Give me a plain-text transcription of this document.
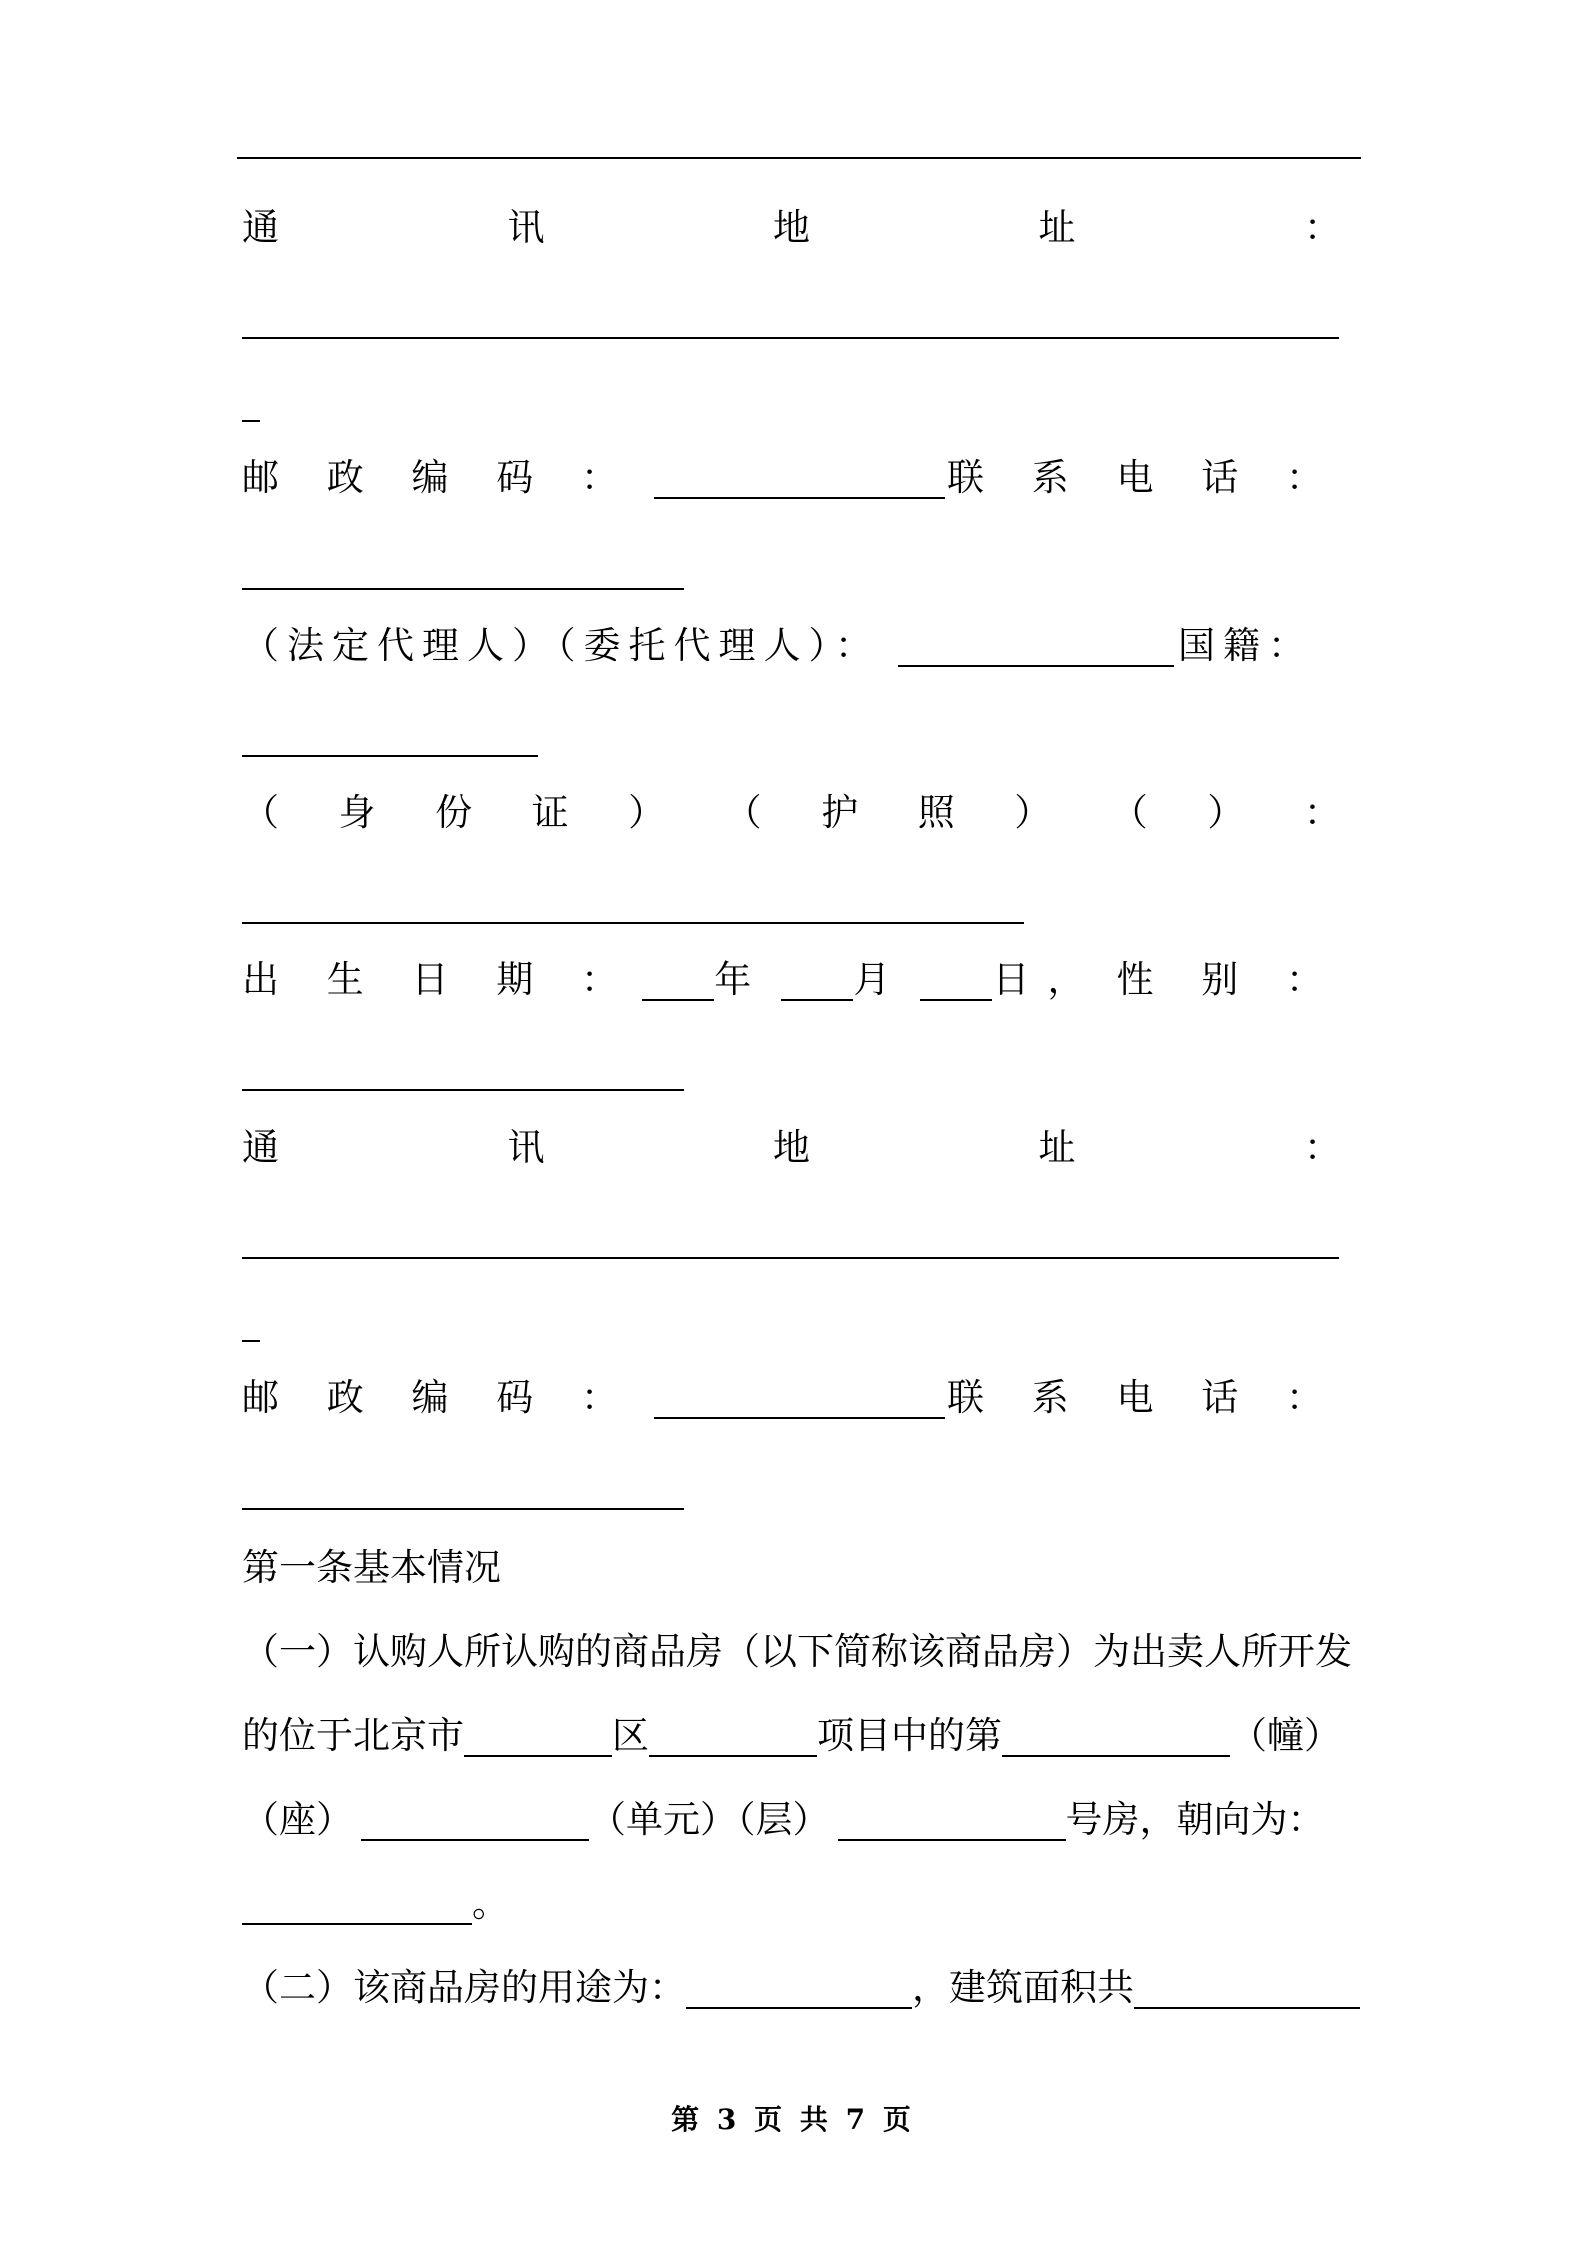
通	讯	地	址	：
邮 政 编 码 ：	联 系 电 话 ：
（法定代理人）（委托代理人）：	国籍：
（ 身 份 证 ） （ 护 照 ） （ ） ：
出 生 日 期 ： 年	月	日， 性 别 ：
通	讯	地	址	：
邮 政 编 码 ：	联 系 电 话 ：
第一条基本情况
（一）认购人所认购的商品房（以下简称该商品房）为出卖人所开发
的位于北京市	区	项目中的第	（幢）
（座）	（单元）（层）	号房，朝向为：
。
（二）该商品房的用途为：	，建筑面积共
第 3 页 共 7 页
